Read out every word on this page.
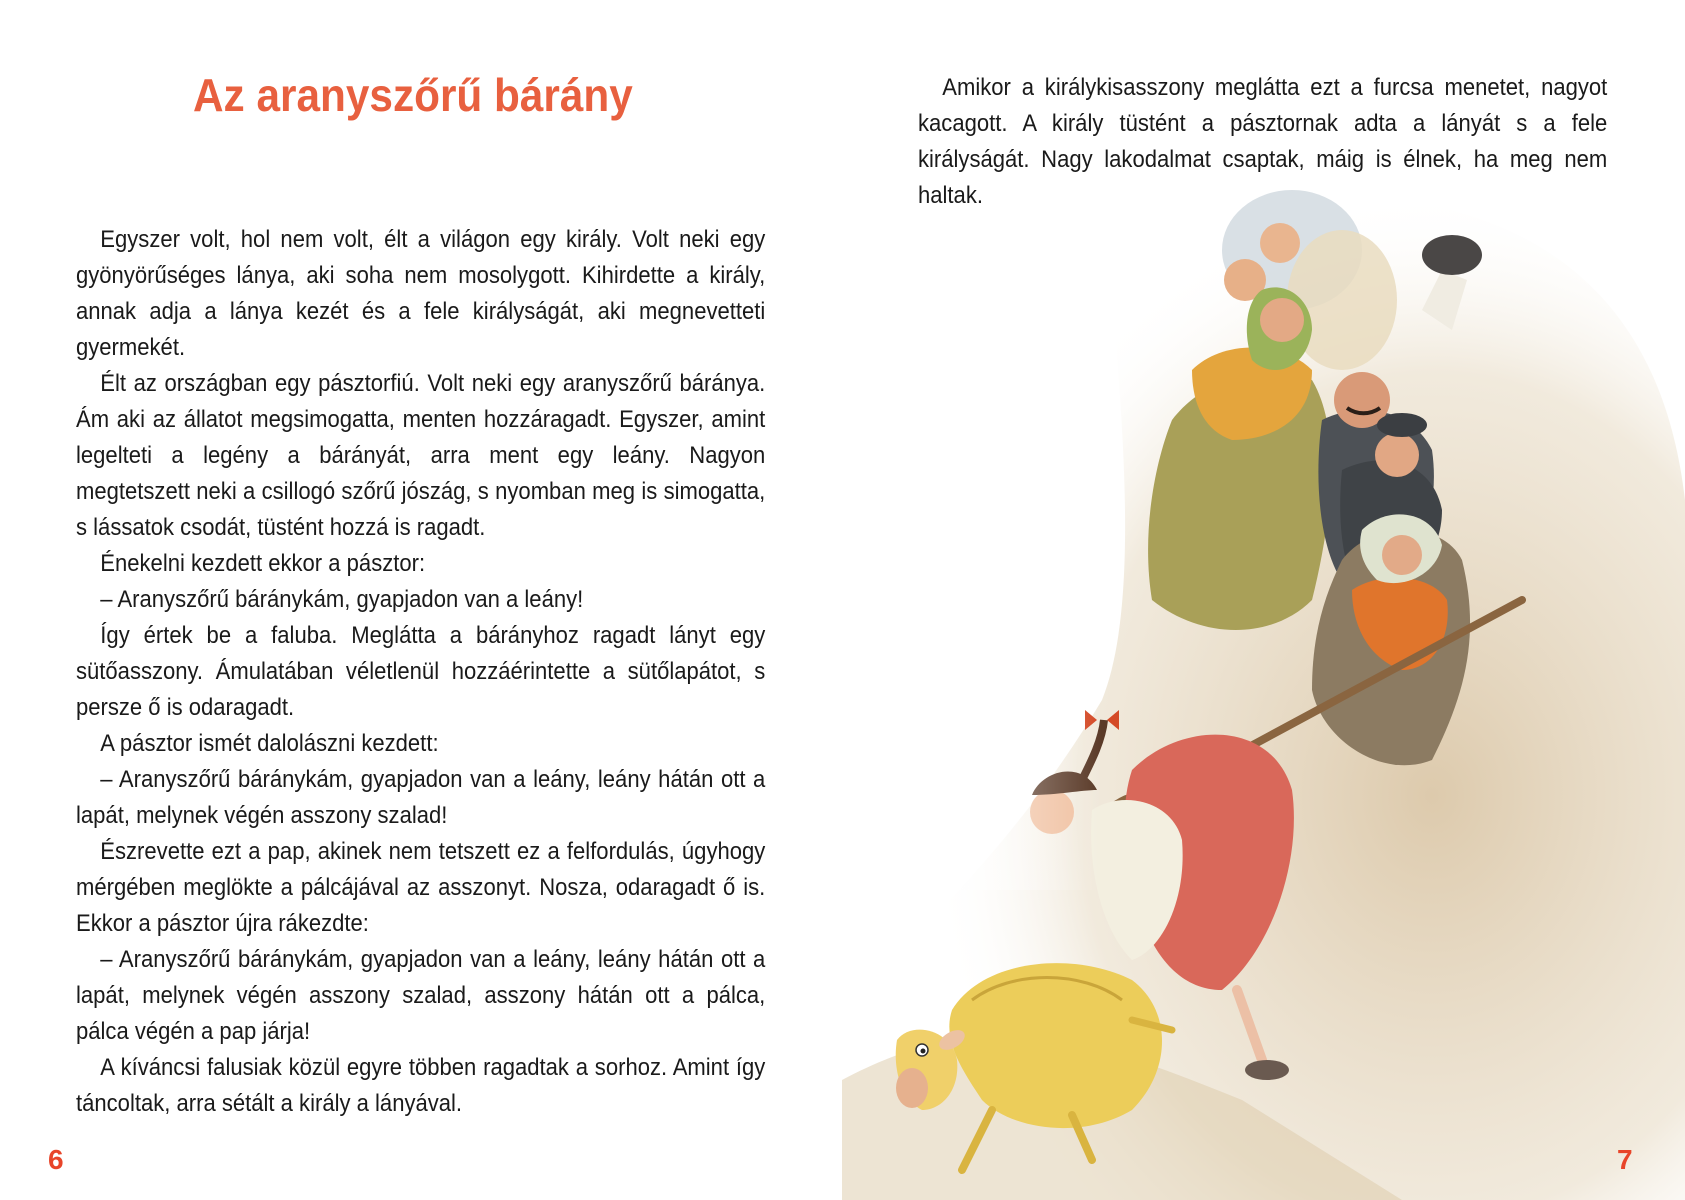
Az aranyszőrű bárány

Egyszer volt, hol nem volt, élt a világon egy király. Volt neki egy gyönyörűséges lánya, aki soha nem mosolygott. Kihirdette a király, annak adja a lánya kezét és a fele királyságát, aki megnevetteti gyermekét.

Élt az országban egy pásztorfiú. Volt neki egy aranyszőrű báránya. Ám aki az állatot megsimogatta, menten hozzáragadt. Egyszer, amint legelteti a legény a bárányát, arra ment egy leány. Nagyon megtetszett neki a csillogó szőrű jószág, s nyomban meg is simogatta, s lássatok csodát, tüstént hozzá is ragadt.

Énekelni kezdett ekkor a pásztor:

– Aranyszőrű báránykám, gyapjadon van a leány!

Így értek be a faluba. Meglátta a bárányhoz ragadt lányt egy sütőasszony. Ámulatában véletlenül hozzáérintette a sütőlapátot, s persze ő is odaragadt.

A pásztor ismét dalolászni kezdett:

– Aranyszőrű báránykám, gyapjadon van a leány, leány hátán ott a lapát, melynek végén asszony szalad!

Észrevette ezt a pap, akinek nem tetszett ez a felfordulás, úgyhogy mérgében meglökte a pálcájával az asszonyt. Nosza, odaragadt ő is. Ekkor a pásztor újra rákezdte:

– Aranyszőrű báránykám, gyapjadon van a leány, leány hátán ott a lapát, melynek végén asszony szalad, asszony hátán ott a pálca, pálca végén a pap járja!

A kíváncsi falusiak közül egyre többen ragadtak a sorhoz. Amint így táncoltak, arra sétált a király a lányával.

6

Amikor a királykisasszony meglátta ezt a furcsa menetet, nagyot kacagott. A király tüstént a pásztornak adta a lányát s a fele királyságát. Nagy lakodalmat csaptak, máig is élnek, ha meg nem haltak.

7
